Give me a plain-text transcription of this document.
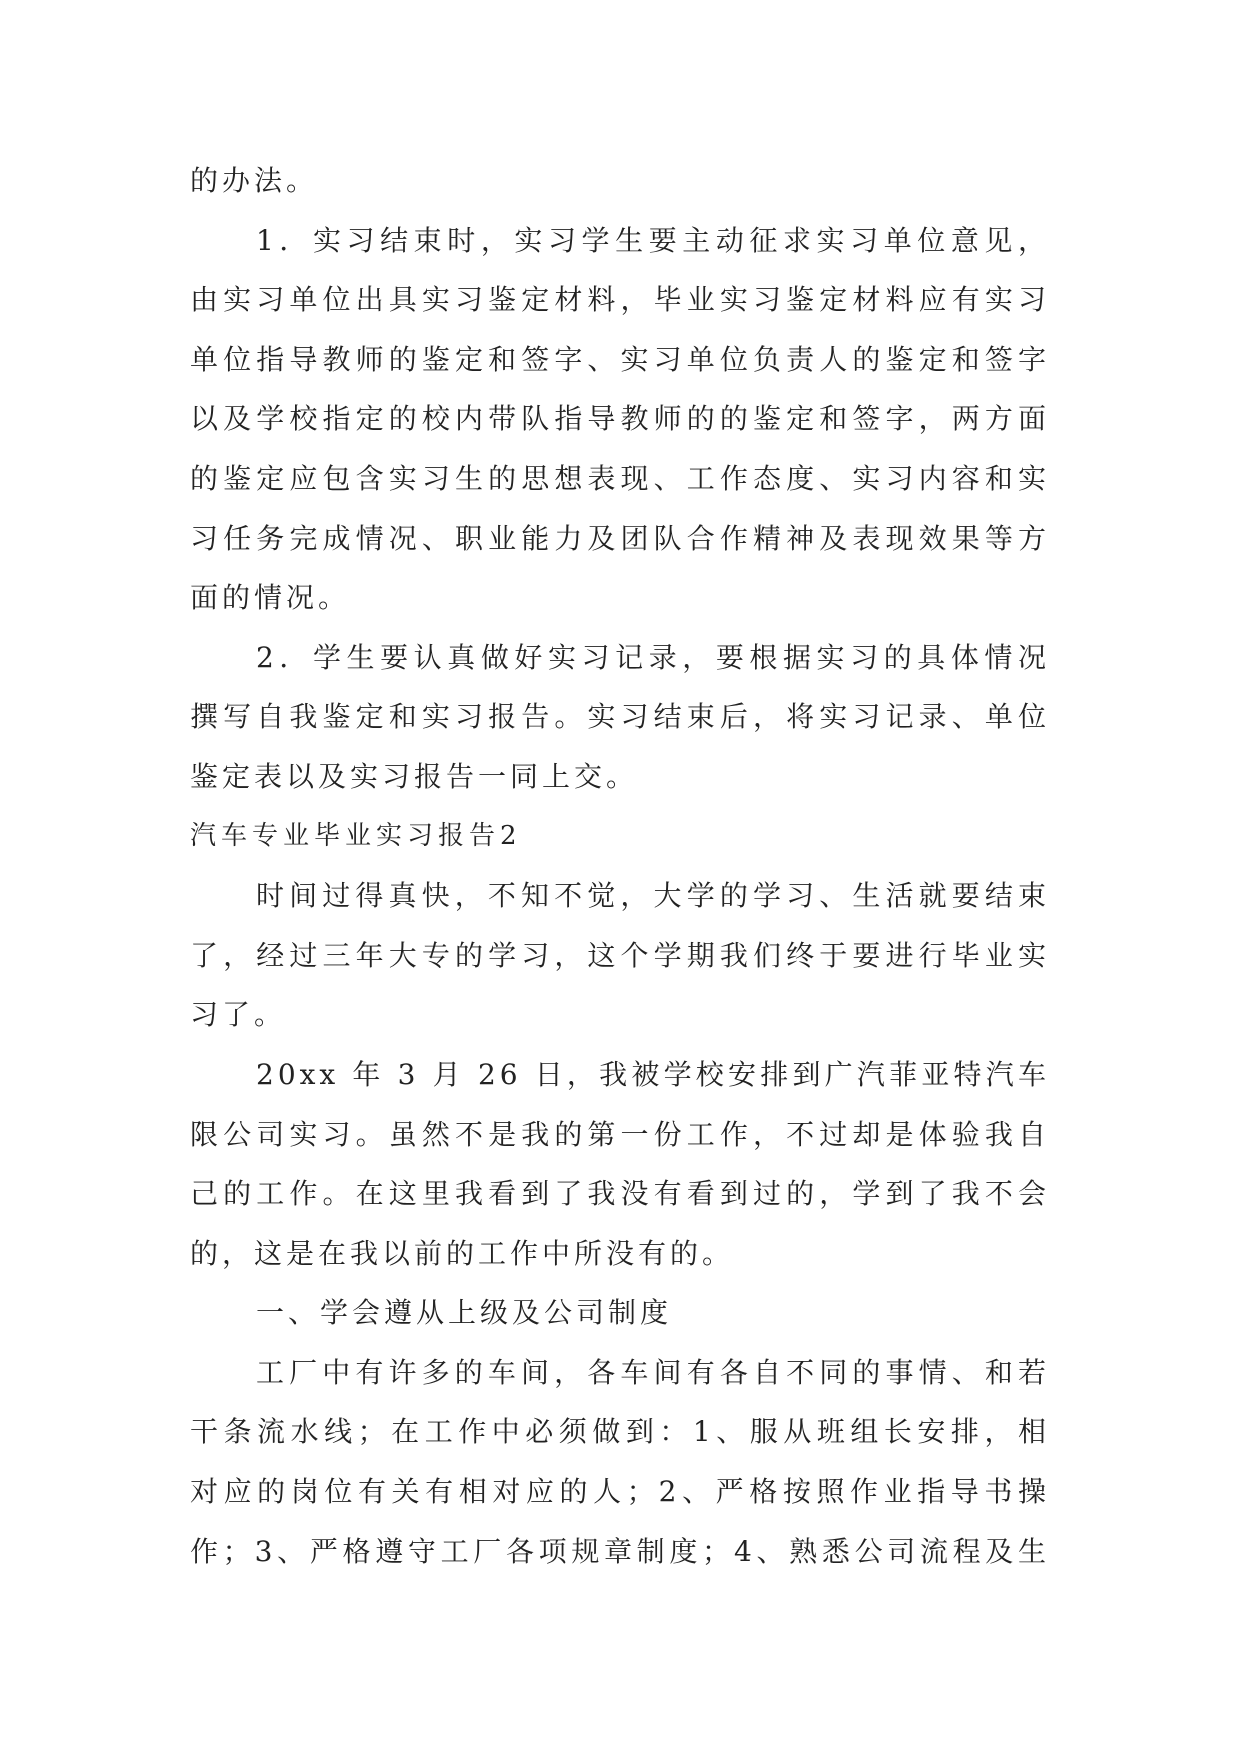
的办法。
1．实习结束时，实习学生要主动征求实习单位意见，
由实习单位出具实习鉴定材料，毕业实习鉴定材料应有实习
单位指导教师的鉴定和签字、实习单位负责人的鉴定和签字
以及学校指定的校内带队指导教师的的鉴定和签字，两方面
的鉴定应包含实习生的思想表现、工作态度、实习内容和实
习任务完成情况、职业能力及团队合作精神及表现效果等方
面的情况。
2．学生要认真做好实习记录，要根据实习的具体情况
撰写自我鉴定和实习报告。实习结束后，将实习记录、单位
鉴定表以及实习报告一同上交。
汽车专业毕业实习报告2
时间过得真快，不知不觉，大学的学习、生活就要结束
了，经过三年大专的学习，这个学期我们终于要进行毕业实
习了。
20xx 年 3 月 26 日，我被学校安排到广汽菲亚特汽车
限公司实习。虽然不是我的第一份工作，不过却是体验我自
己的工作。在这里我看到了我没有看到过的，学到了我不会
的，这是在我以前的工作中所没有的。
一、学会遵从上级及公司制度
工厂中有许多的车间，各车间有各自不同的事情、和若
干条流水线；在工作中必须做到：1、服从班组长安排，相
对应的岗位有关有相对应的人；2、严格按照作业指导书操
作；3、严格遵守工厂各项规章制度；4、熟悉公司流程及生
